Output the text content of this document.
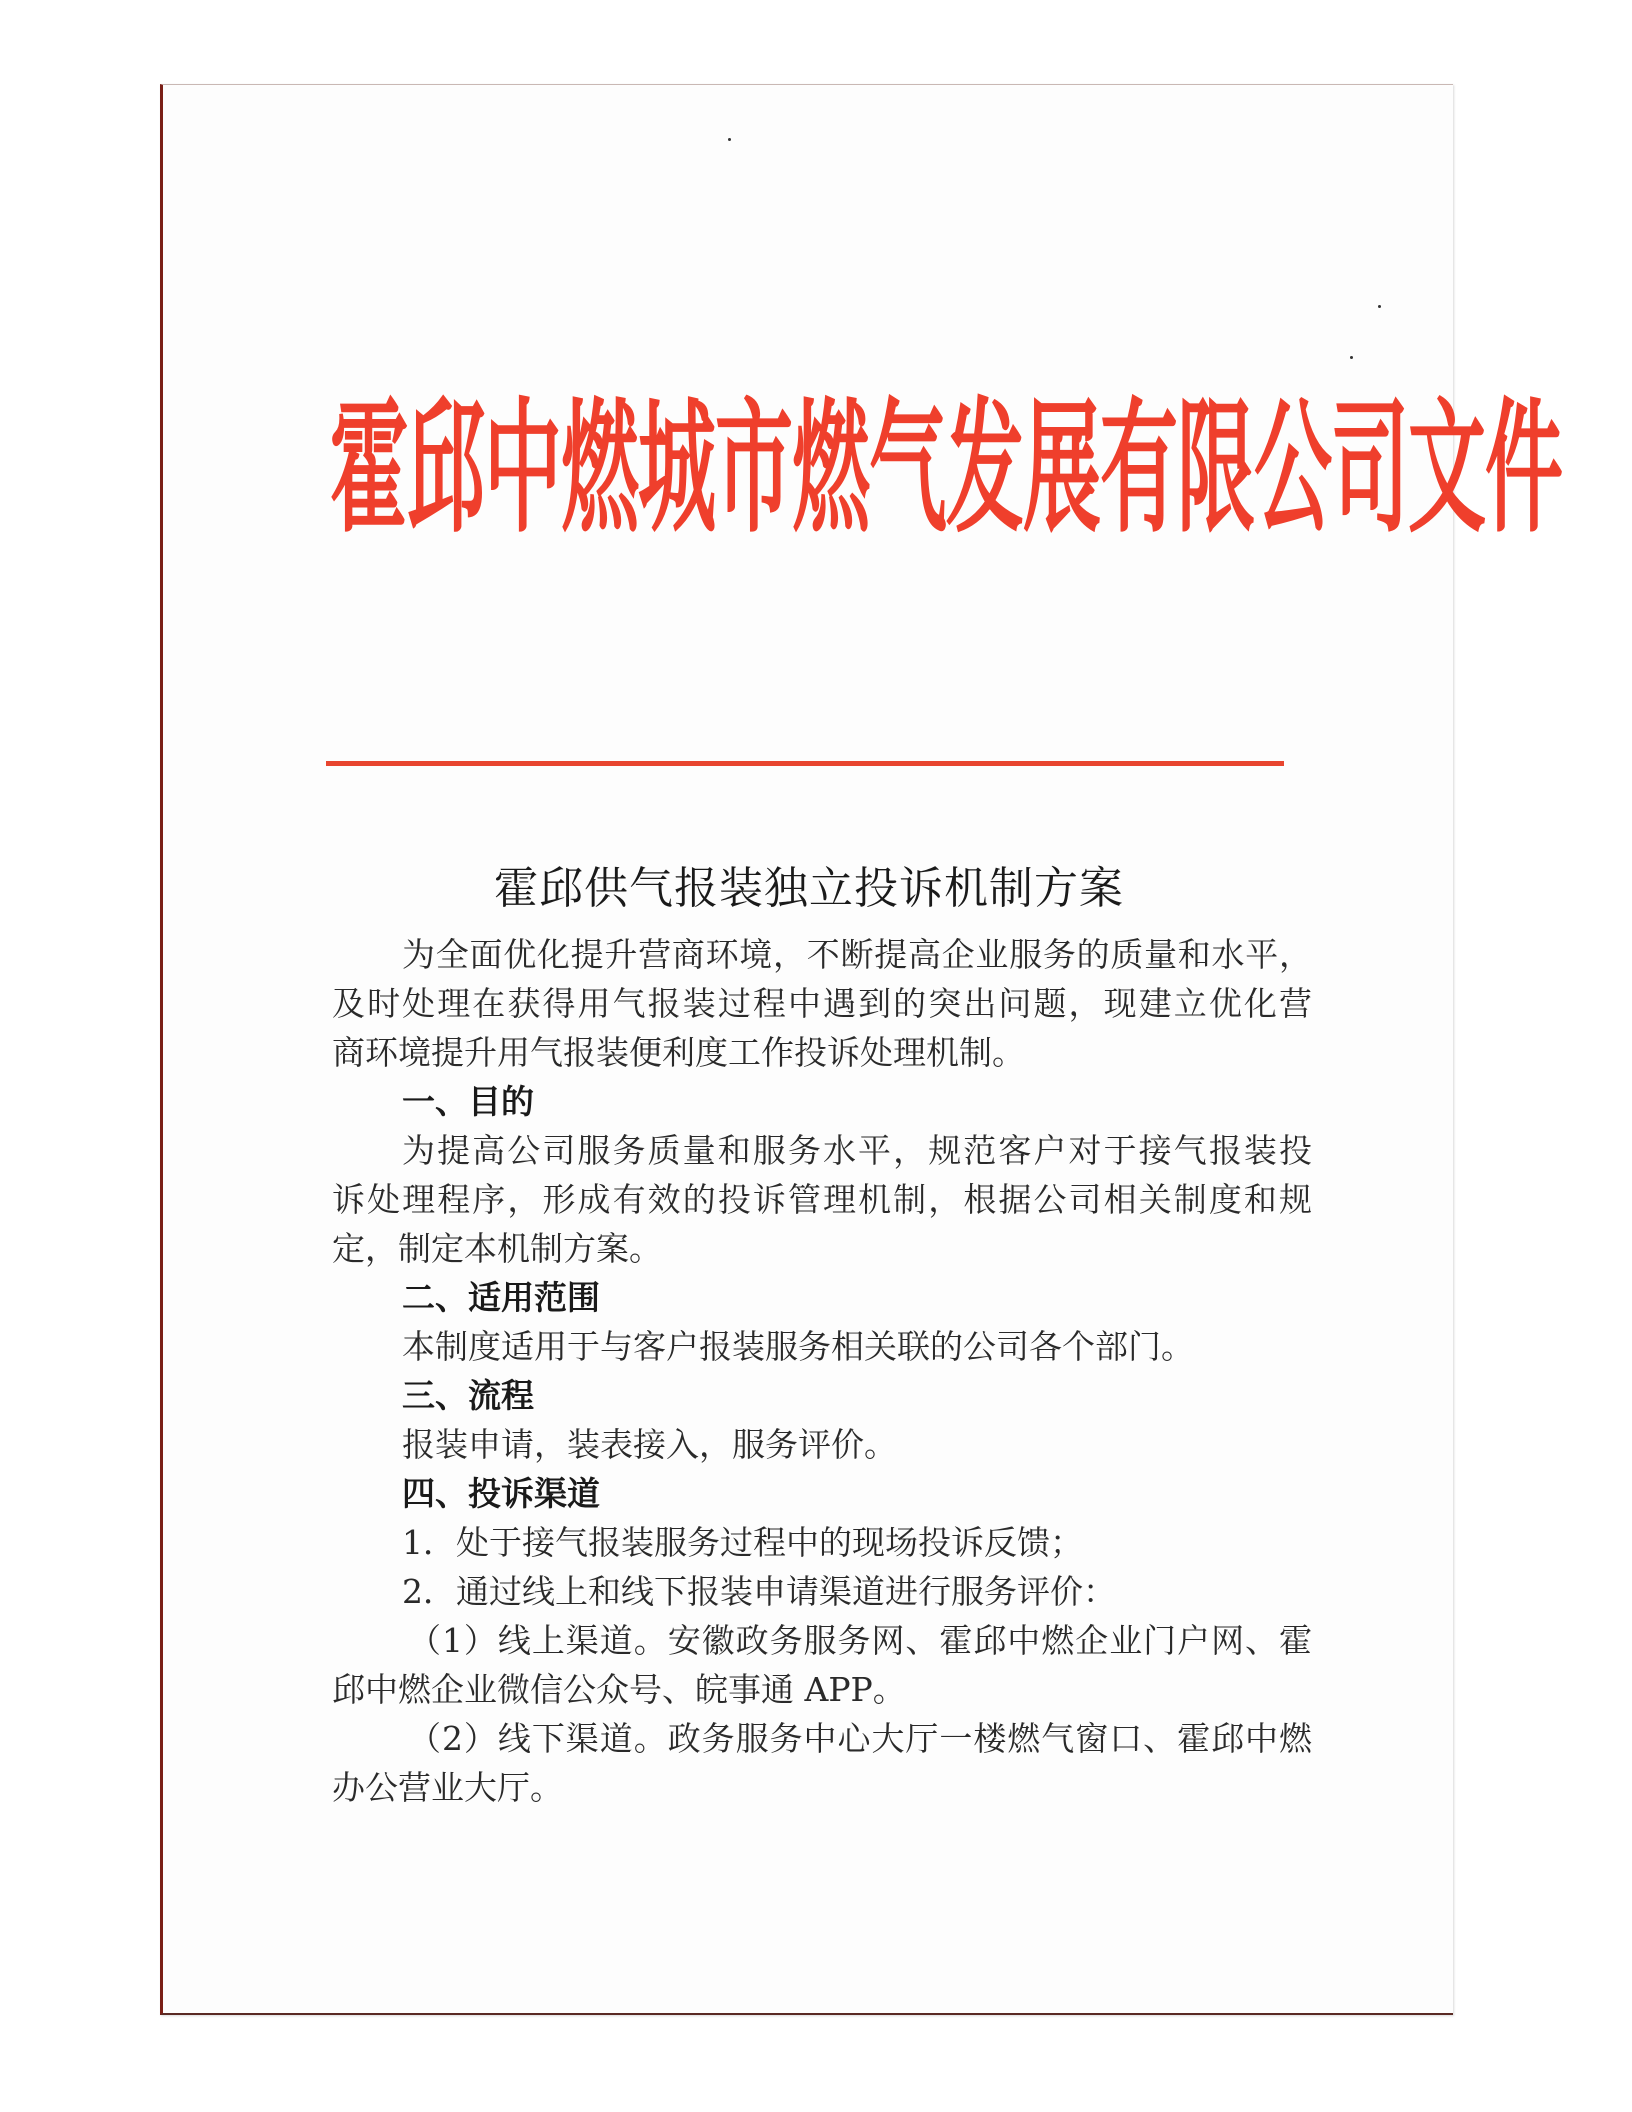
霍邱中燃城市燃气发展有限公司文件
霍邱供气报装独立投诉机制方案
为全面优化提升营商环境，不断提高企业服务的质量和水平，
及时处理在获得用气报装过程中遇到的突出问题，现建立优化营
商环境提升用气报装便利度工作投诉处理机制。
一、目的
为提高公司服务质量和服务水平，规范客户对于接气报装投
诉处理程序，形成有效的投诉管理机制，根据公司相关制度和规
定，制定本机制方案。
二、适用范围
本制度适用于与客户报装服务相关联的公司各个部门。
三、流程
报装申请，装表接入，服务评价。
四、投诉渠道
1．处于接气报装服务过程中的现场投诉反馈；
2．通过线上和线下报装申请渠道进行服务评价：
（1）线上渠道。安徽政务服务网、霍邱中燃企业门户网、霍
邱中燃企业微信公众号、皖事通 APP。
（2）线下渠道。政务服务中心大厅一楼燃气窗口、霍邱中燃
办公营业大厅。
